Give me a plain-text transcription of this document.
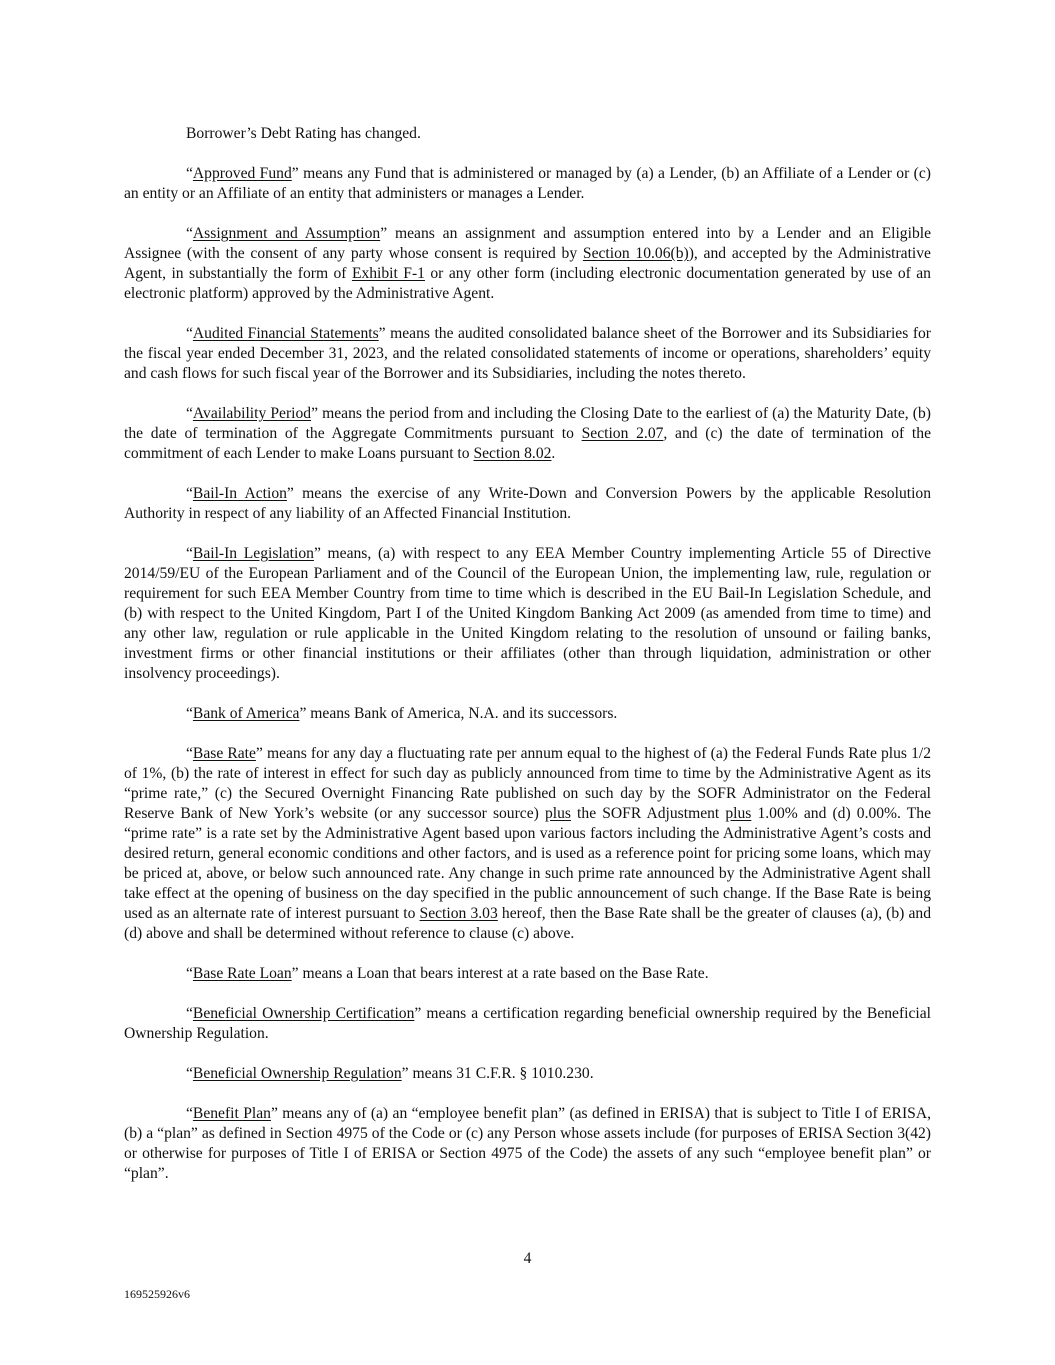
Borrower’s Debt Rating has changed.

“Approved Fund” means any Fund that is administered or managed by (a) a Lender, (b) an Affiliate of a Lender or (c) an entity or an Affiliate of an entity that administers or manages a Lender.

“Assignment and Assumption” means an assignment and assumption entered into by a Lender and an Eligible Assignee (with the consent of any party whose consent is required by Section 10.06(b)), and accepted by the Administrative Agent, in substantially the form of Exhibit F-1 or any other form (including electronic documentation generated by use of an electronic platform) approved by the Administrative Agent.

“Audited Financial Statements” means the audited consolidated balance sheet of the Borrower and its Subsidiaries for the fiscal year ended December 31, 2023, and the related consolidated statements of income or operations, shareholders’ equity and cash flows for such fiscal year of the Borrower and its Subsidiaries, including the notes thereto.

“Availability Period” means the period from and including the Closing Date to the earliest of (a) the Maturity Date, (b) the date of termination of the Aggregate Commitments pursuant to Section 2.07, and (c) the date of termination of the commitment of each Lender to make Loans pursuant to Section 8.02.

“Bail-In Action” means the exercise of any Write-Down and Conversion Powers by the applicable Resolution Authority in respect of any liability of an Affected Financial Institution.

“Bail-In Legislation” means, (a) with respect to any EEA Member Country implementing Article 55 of Directive 2014/59/EU of the European Parliament and of the Council of the European Union, the implementing law, rule, regulation or requirement for such EEA Member Country from time to time which is described in the EU Bail-In Legislation Schedule, and (b) with respect to the United Kingdom, Part I of the United Kingdom Banking Act 2009 (as amended from time to time) and any other law, regulation or rule applicable in the United Kingdom relating to the resolution of unsound or failing banks, investment firms or other financial institutions or their affiliates (other than through liquidation, administration or other insolvency proceedings).

“Bank of America” means Bank of America, N.A. and its successors.

“Base Rate” means for any day a fluctuating rate per annum equal to the highest of (a) the Federal Funds Rate plus 1/2 of 1%, (b) the rate of interest in effect for such day as publicly announced from time to time by the Administrative Agent as its “prime rate,” (c) the Secured Overnight Financing Rate published on such day by the SOFR Administrator on the Federal Reserve Bank of New York’s website (or any successor source) plus the SOFR Adjustment plus 1.00% and (d) 0.00%. The “prime rate” is a rate set by the Administrative Agent based upon various factors including the Administrative Agent’s costs and desired return, general economic conditions and other factors, and is used as a reference point for pricing some loans, which may be priced at, above, or below such announced rate. Any change in such prime rate announced by the Administrative Agent shall take effect at the opening of business on the day specified in the public announcement of such change. If the Base Rate is being used as an alternate rate of interest pursuant to Section 3.03 hereof, then the Base Rate shall be the greater of clauses (a), (b) and (d) above and shall be determined without reference to clause (c) above.

“Base Rate Loan” means a Loan that bears interest at a rate based on the Base Rate.

“Beneficial Ownership Certification” means a certification regarding beneficial ownership required by the Beneficial Ownership Regulation.

“Beneficial Ownership Regulation” means 31 C.F.R. § 1010.230.

“Benefit Plan” means any of (a) an “employee benefit plan” (as defined in ERISA) that is subject to Title I of ERISA, (b) a “plan” as defined in Section 4975 of the Code or (c) any Person whose assets include (for purposes of ERISA Section 3(42) or otherwise for purposes of Title I of ERISA or Section 4975 of the Code) the assets of any such “employee benefit plan” or “plan”.

4
169525926v6
